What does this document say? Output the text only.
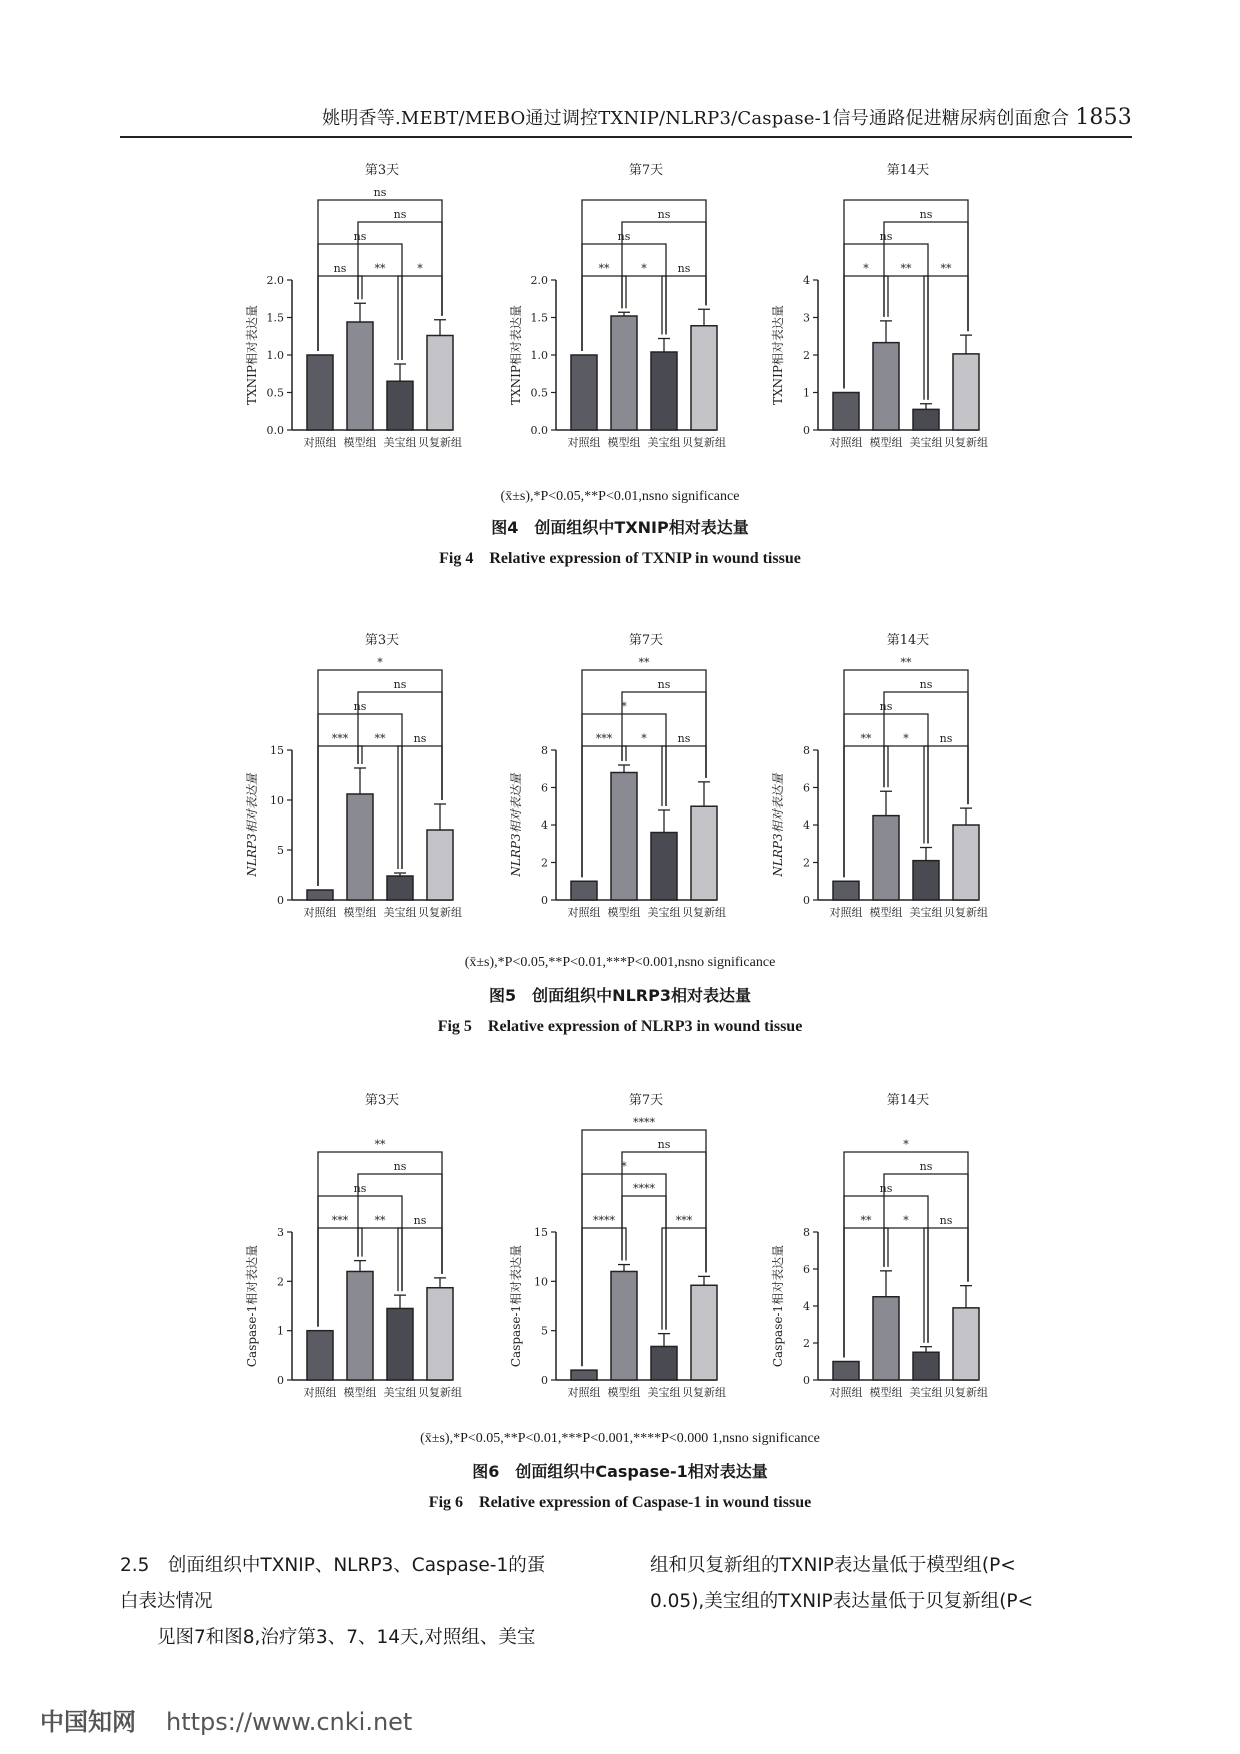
姚明香等.MEBT/MEBO通过调控TXNIP/NLRP3/Caspase-1信号通路促进糖尿病创面愈合 1853
第3天
TXNIP相对表达量
0.0
0.5
1.0
1.5
2.0
对照组 模型组 美宝组 贝复新组
ns	**	*
ns
ns
ns
第7天
TXNIP相对表达量
0.0
0.5
1.0
1.5
2.0
对照组 模型组 美宝组 贝复新组
**	*	ns
ns
ns
第14天
TXNIP相对表达量
0
1
2
3
4
对照组 模型组 美宝组 贝复新组
*	**	**
ns
ns
(x̄±s),*P<0.05,**P<0.01,nsno significance
图4　创面组织中TXNIP相对表达量
Fig 4　Relative expression of TXNIP in wound tissue
第3天
NLRP3相对表达量
0
5
10
15
对照组 模型组 美宝组 贝复新组
*** **	ns
ns
ns
*
第7天
NLRP3相对表达量
0
2
4
6
8
对照组 模型组 美宝组 贝复新组
***	*	ns
*
ns
**
第14天
NLRP3相对表达量
0
2
4
6
8
对照组 模型组 美宝组 贝复新组
**	*	ns
ns
ns
**
(x̄±s),*P<0.05,**P<0.01,***P<0.001,nsno significance
图5　创面组织中NLRP3相对表达量
Fig 5　Relative expression of NLRP3 in wound tissue
第3天
Caspase-1相对表达量
0
1
2
3
对照组 模型组 美宝组 贝复新组
*** **	ns
ns
ns
**
第7天
Caspase-1相对表达量
0
5
10
15
对照组 模型组 美宝组 贝复新组
****	***
****
*
ns
****
第14天
Caspase-1相对表达量
0
2
4
6
8
对照组 模型组 美宝组 贝复新组
**	*	ns
ns
ns
*
(x̄±s),*P<0.05,**P<0.01,***P<0.001,****P<0.000 1,nsno significance
图6　创面组织中Caspase-1相对表达量
Fig 6　Relative expression of Caspase-1 in wound tissue
2.5　创面组织中TXNIP、NLRP3、Caspase-1的蛋
白表达情况
见图7和图8,治疗第3、7、14天,对照组、美宝
组和贝复新组的TXNIP表达量低于模型组(P<
0.05),美宝组的TXNIP表达量低于贝复新组(P<
中国知网 https://www.cnki.net
